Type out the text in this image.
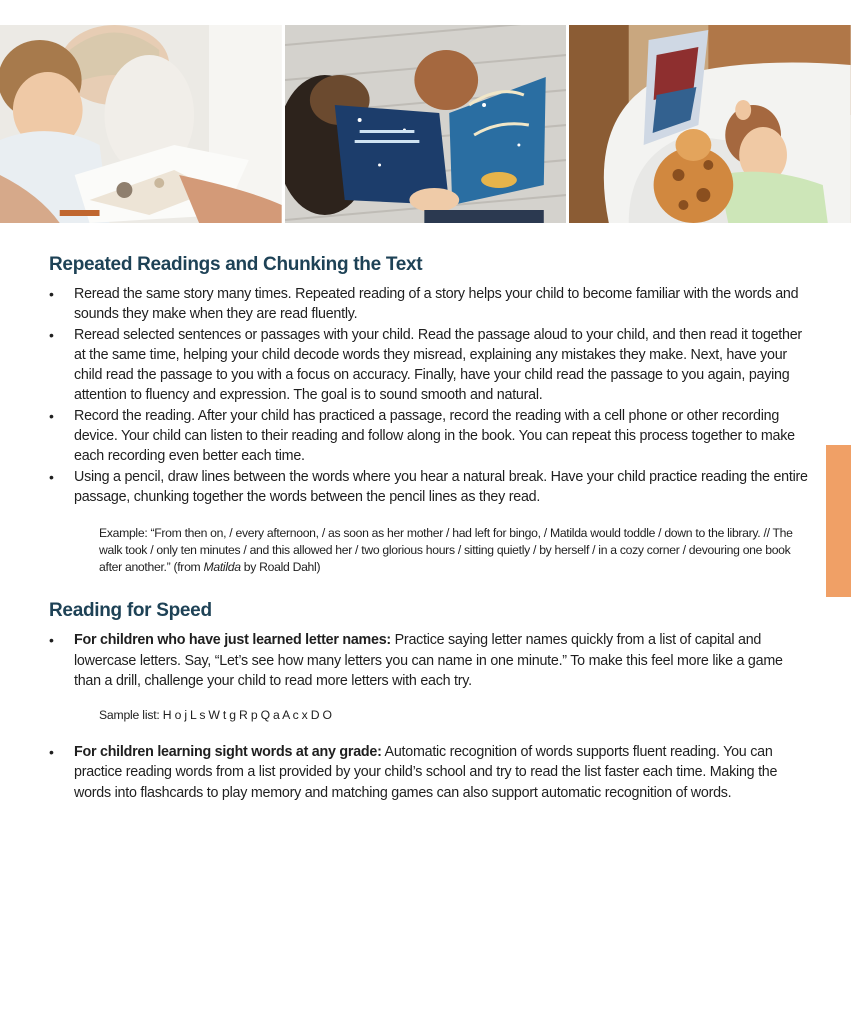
Repeated Readings and Chunking the Text
• Reread the same story many times. Repeated reading of a story helps your child to become familiar with the words and sounds they make when they are read fluently.
• Reread selected sentences or passages with your child. Read the passage aloud to your child, and then read it together at the same time, helping your child decode words they misread, explaining any mistakes they make. Next, have your child read the passage to you with a focus on accuracy. Finally, have your child read the passage to you again, paying attention to fluency and expression. The goal is to sound smooth and natural.
• Record the reading. After your child has practiced a passage, record the reading with a cell phone or other recording device. Your child can listen to their reading and follow along in the book. You can repeat this process together to make each recording even better each time.
• Using a pencil, draw lines between the words where you hear a natural break. Have your child practice reading the entire passage, chunking together the words between the pencil lines as they read.

Example: “From then on, / every afternoon, / as soon as her mother / had left for bingo, / Matilda would toddle / down to the library. // The walk took / only ten minutes / and this allowed her / two glorious hours / sitting quietly / by herself / in a cozy corner / devouring one book after another.” (from Matilda by Roald Dahl)

Reading for Speed
• For children who have just learned letter names: Practice saying letter names quickly from a list of capital and lowercase letters. Say, “Let’s see how many letters you can name in one minute.” To make this feel more like a game than a drill, challenge your child to read more letters with each try.

Sample list: H o j L s W t g R p Q a A c x D O

• For children learning sight words at any grade: Automatic recognition of words supports fluent reading. You can practice reading words from a list provided by your child’s school and try to read the list faster each time. Making the words into flashcards to play memory and matching games can also support automatic recognition of words.
